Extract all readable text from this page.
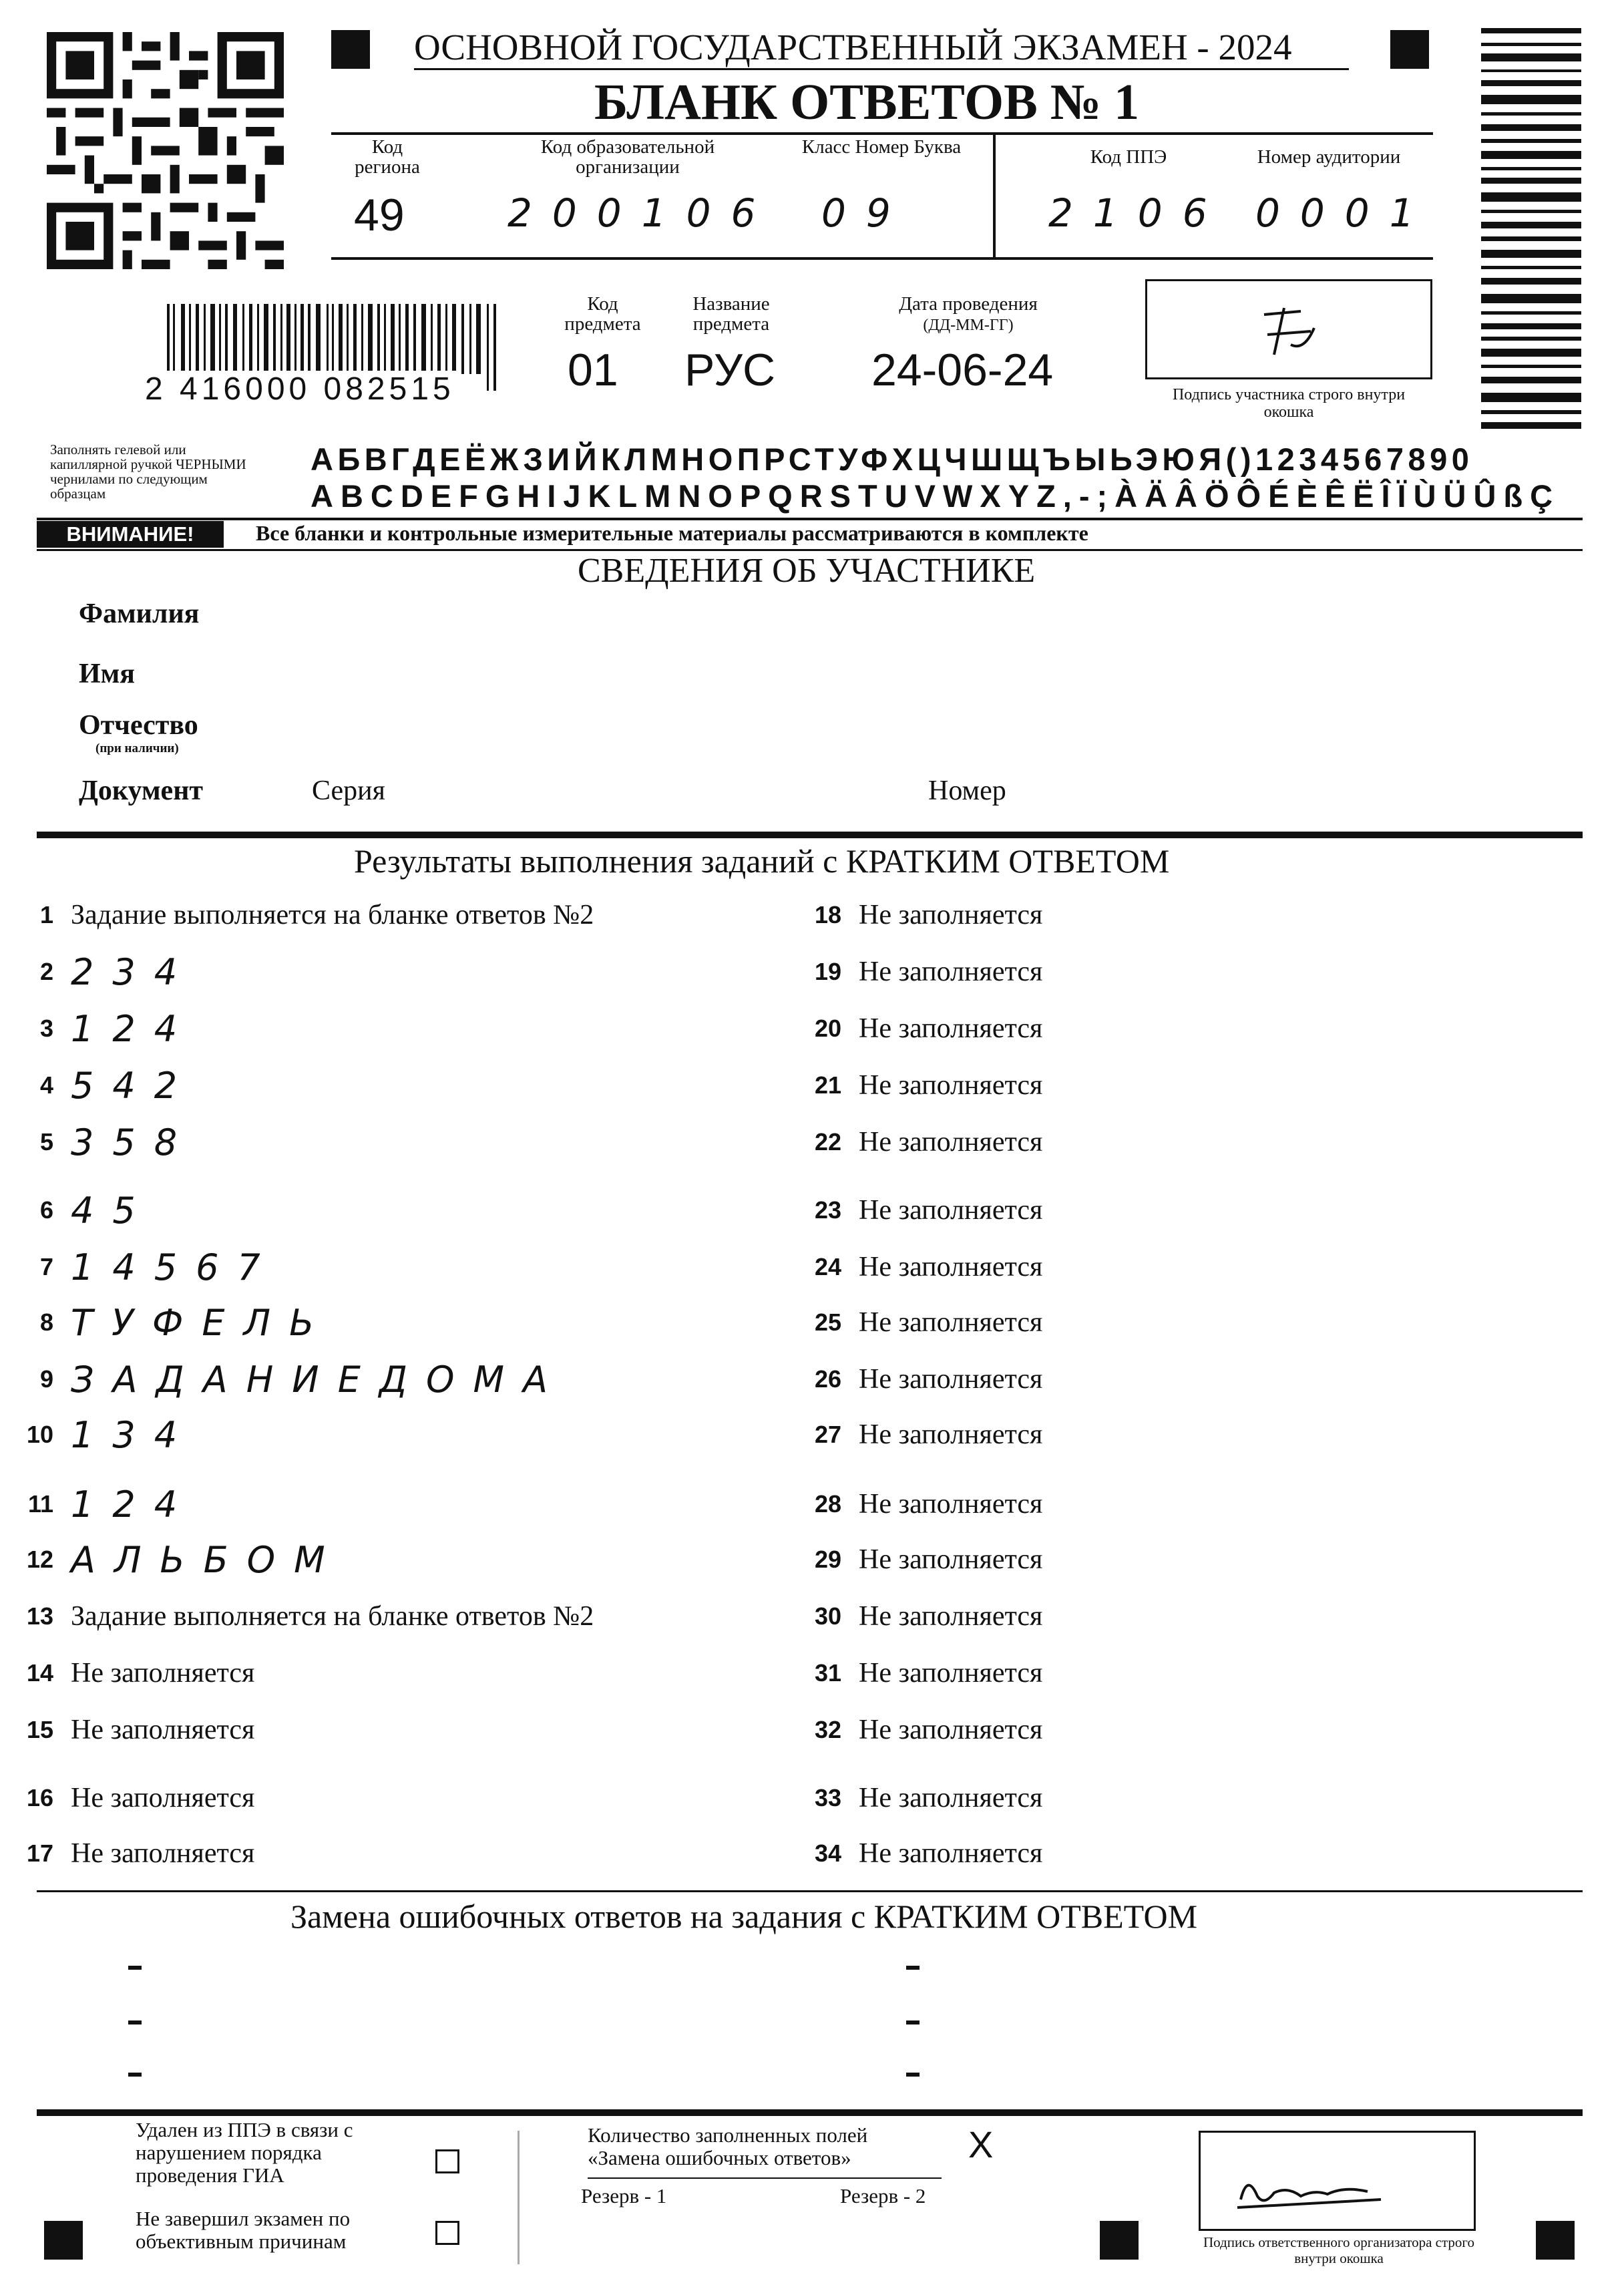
ОСНОВНОЙ ГОСУДАРСТВЕННЫЙ ЭКЗАМЕН - 2024
БЛАНК ОТВЕТОВ № 1
Код региона
49
Код образовательной организации
200106
Класс Номер Буква
09
Код ППЭ
2106
Номер аудитории
0001
2 416000 082515
Код предмета
01
Название предмета
РУС
Дата проведения
(ДД-ММ-ГГ)
24-06-24	Подпись участника строго внутри окошка
Заполнять гелевой или капиллярной ручкой ЧЕРНЫМИ чернилами по следующим образцам
АБВГДЕЁЖЗИЙКЛМНОПРСТУФХЦЧШЩЪЫЬЭЮЯ()1234567890
ABCDEFGHIJKLMNOPQRSTUVWXYZ,-;ÀÄÂÖÔÉÈÊËÎÏÙÜÛßÇ
ВНИМАНИЕ!	Все бланки и контрольные измерительные материалы рассматриваются в комплекте
СВЕДЕНИЯ ОБ УЧАСТНИКЕ
Фамилия
Имя
Отчество
(при наличии)
Документ	Серия	Номер
Результаты выполнения заданий с КРАТКИМ ОТВЕТОМ
1 Задание выполняется на бланке ответов №2
2 234
3 124
4 542
5 358
6 45
7 14567
8 ТУФЕЛЬ
9 ЗАДАНИЕДОМА
10 134
11 124
12 АЛЬБОМ
13 Задание выполняется на бланке ответов №2
14 Не заполняется
15 Не заполняется
16 Не заполняется
17 Не заполняется
18 Не заполняется
19 Не заполняется
20 Не заполняется
21 Не заполняется
22 Не заполняется
23 Не заполняется
24 Не заполняется
25 Не заполняется
26 Не заполняется
27 Не заполняется
28 Не заполняется
29 Не заполняется
30 Не заполняется
31 Не заполняется
32 Не заполняется
33 Не заполняется
34 Не заполняется
Замена ошибочных ответов на задания с КРАТКИМ ОТВЕТОМ
Удален из ППЭ в связи с нарушением порядка проведения ГИА
Не завершил экзамен по объективным причинам
Количество заполненных полей «Замена ошибочных ответов»	X
Резерв - 1	Резерв - 2
Подпись ответственного организатора строго внутри окошка
